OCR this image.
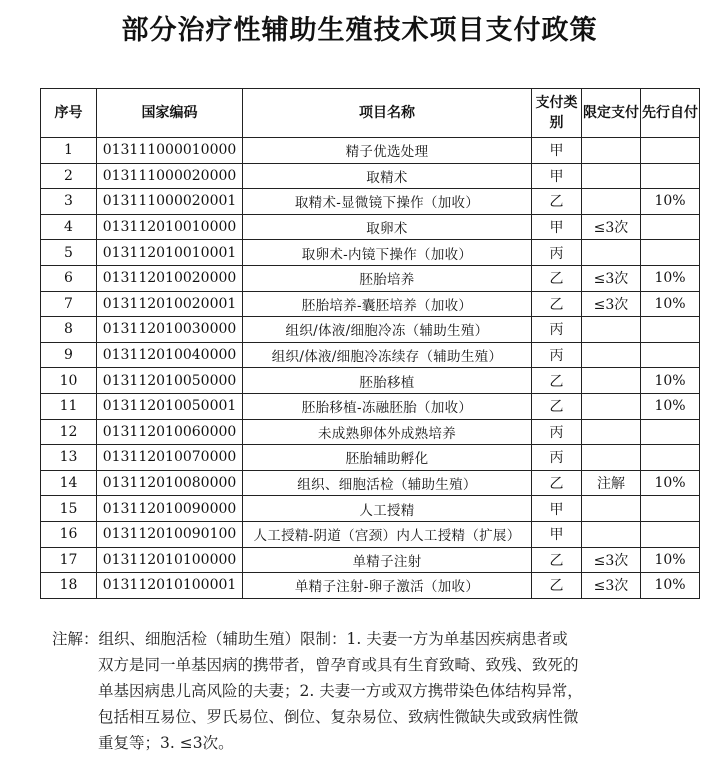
部分治疗性辅助生殖技术项目支付政策
序号	国家编码	项目名称	支付类别	限定支付	先行自付
1	013111000010000	精子优选处理	甲		
2	013111000020000	取精术	甲		
3	013111000020001	取精术-显微镜下操作（加收）	乙		10%
4	013112010010000	取卵术	甲	≤3次	
5	013112010010001	取卵术-内镜下操作（加收）	丙		
6	013112010020000	胚胎培养	乙	≤3次	10%
7	013112010020001	胚胎培养-囊胚培养（加收）	乙	≤3次	10%
8	013112010030000	组织/体液/细胞冷冻（辅助生殖）	丙		
9	013112010040000	组织/体液/细胞冷冻续存（辅助生殖）	丙		
10	013112010050000	胚胎移植	乙		10%
11	013112010050001	胚胎移植-冻融胚胎（加收）	乙		10%
12	013112010060000	未成熟卵体外成熟培养	丙		
13	013112010070000	胚胎辅助孵化	丙		
14	013112010080000	组织、细胞活检（辅助生殖）	乙	注解	10%
15	013112010090000	人工授精	甲		
16	013112010090100	人工授精-阴道（宫颈）内人工授精（扩展）	甲		
17	013112010100000	单精子注射	乙	≤3次	10%
18	013112010100001	单精子注射-卵子激活（加收）	乙	≤3次	10%
注解：组织、细胞活检（辅助生殖）限制：1. 夫妻一方为单基因疾病患者或
双方是同一单基因病的携带者，曾孕育或具有生育致畸、致残、致死的
单基因病患儿高风险的夫妻；2. 夫妻一方或双方携带染色体结构异常，
包括相互易位、罗氏易位、倒位、复杂易位、致病性微缺失或致病性微
重复等；3. ≤3次。
